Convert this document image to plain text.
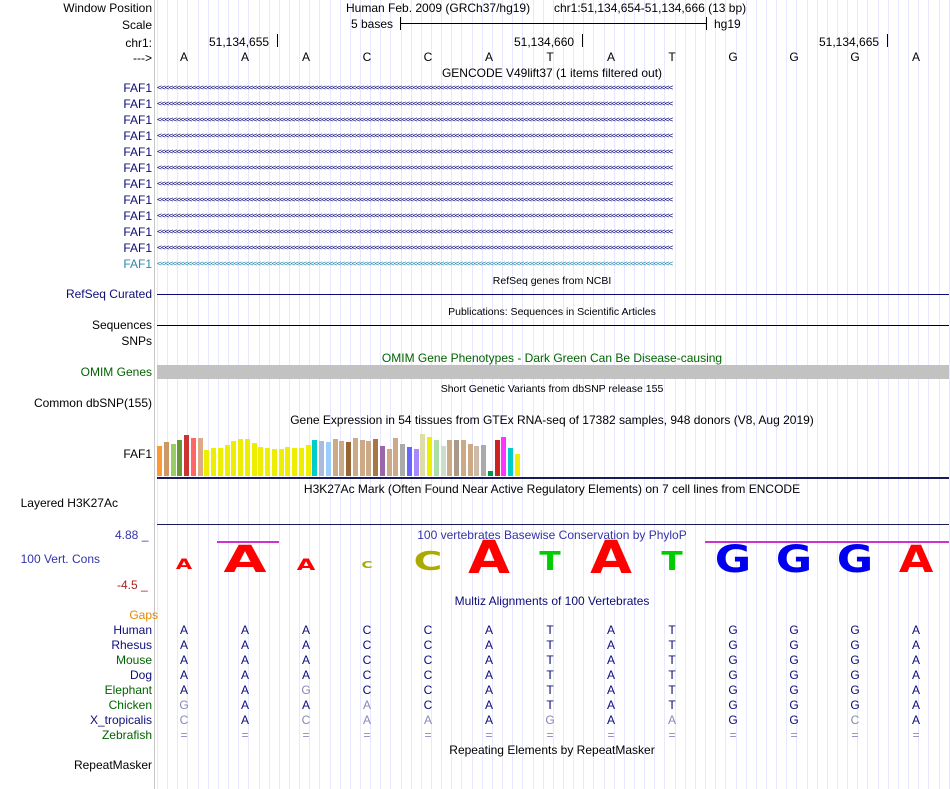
Window Position	Human Feb. 2009 (GRCh37/hg19) chr1:51,134,654-51,134,666 (13 bp)
Scale	5 bases	hg19
chr1:	51,134,655	51,134,660	51,134,665
---> A	A	A	C	C	A	T	A	T	G	G	G	A
GENCODE V49lift37 (1 items filtered out)
FAF1 <<<<<<<<<<<<<<<<<<<<<<<<<<<<<<<<<<<<<<<<<<<<<<<<<<<<<<<<<<<<<<<<<<<<<<<<<<<<<<<<<<<<<<<<<<<<<<<<<<<<<<<<<<<<<<<<<<<<<<<<<<<<<<<<<<<<<<<
FAF1 <<<<<<<<<<<<<<<<<<<<<<<<<<<<<<<<<<<<<<<<<<<<<<<<<<<<<<<<<<<<<<<<<<<<<<<<<<<<<<<<<<<<<<<<<<<<<<<<<<<<<<<<<<<<<<<<<<<<<<<<<<<<<<<<<<<<<<<
FAF1 <<<<<<<<<<<<<<<<<<<<<<<<<<<<<<<<<<<<<<<<<<<<<<<<<<<<<<<<<<<<<<<<<<<<<<<<<<<<<<<<<<<<<<<<<<<<<<<<<<<<<<<<<<<<<<<<<<<<<<<<<<<<<<<<<<<<<<<
FAF1 <<<<<<<<<<<<<<<<<<<<<<<<<<<<<<<<<<<<<<<<<<<<<<<<<<<<<<<<<<<<<<<<<<<<<<<<<<<<<<<<<<<<<<<<<<<<<<<<<<<<<<<<<<<<<<<<<<<<<<<<<<<<<<<<<<<<<<<
FAF1 <<<<<<<<<<<<<<<<<<<<<<<<<<<<<<<<<<<<<<<<<<<<<<<<<<<<<<<<<<<<<<<<<<<<<<<<<<<<<<<<<<<<<<<<<<<<<<<<<<<<<<<<<<<<<<<<<<<<<<<<<<<<<<<<<<<<<<<
FAF1 <<<<<<<<<<<<<<<<<<<<<<<<<<<<<<<<<<<<<<<<<<<<<<<<<<<<<<<<<<<<<<<<<<<<<<<<<<<<<<<<<<<<<<<<<<<<<<<<<<<<<<<<<<<<<<<<<<<<<<<<<<<<<<<<<<<<<<<
FAF1 <<<<<<<<<<<<<<<<<<<<<<<<<<<<<<<<<<<<<<<<<<<<<<<<<<<<<<<<<<<<<<<<<<<<<<<<<<<<<<<<<<<<<<<<<<<<<<<<<<<<<<<<<<<<<<<<<<<<<<<<<<<<<<<<<<<<<<<
FAF1 <<<<<<<<<<<<<<<<<<<<<<<<<<<<<<<<<<<<<<<<<<<<<<<<<<<<<<<<<<<<<<<<<<<<<<<<<<<<<<<<<<<<<<<<<<<<<<<<<<<<<<<<<<<<<<<<<<<<<<<<<<<<<<<<<<<<<<<
FAF1 <<<<<<<<<<<<<<<<<<<<<<<<<<<<<<<<<<<<<<<<<<<<<<<<<<<<<<<<<<<<<<<<<<<<<<<<<<<<<<<<<<<<<<<<<<<<<<<<<<<<<<<<<<<<<<<<<<<<<<<<<<<<<<<<<<<<<<<
FAF1 <<<<<<<<<<<<<<<<<<<<<<<<<<<<<<<<<<<<<<<<<<<<<<<<<<<<<<<<<<<<<<<<<<<<<<<<<<<<<<<<<<<<<<<<<<<<<<<<<<<<<<<<<<<<<<<<<<<<<<<<<<<<<<<<<<<<<<<
FAF1 <<<<<<<<<<<<<<<<<<<<<<<<<<<<<<<<<<<<<<<<<<<<<<<<<<<<<<<<<<<<<<<<<<<<<<<<<<<<<<<<<<<<<<<<<<<<<<<<<<<<<<<<<<<<<<<<<<<<<<<<<<<<<<<<<<<<<<<
FAF1 <<<<<<<<<<<<<<<<<<<<<<<<<<<<<<<<<<<<<<<<<<<<<<<<<<<<<<<<<<<<<<<<<<<<<<<<<<<<<<<<<<<<<<<<<<<<<<<<<<<<<<<<<<<<<<<<<<<<<<<<<<<<<<<<<<<<<<<
RefSeq genes from NCBI
RefSeq Curated
Publications: Sequences in Scientific Articles
Sequences
SNPs
OMIM Gene Phenotypes - Dark Green Can Be Disease-causing
OMIM Genes
Short Genetic Variants from dbSNP release 155
Common dbSNP(155)
Gene Expression in 54 tissues from GTEx RNA-seq of 17382 samples, 948 donors (V8, Aug 2019)
FAF1
H3K27Ac Mark (Often Found Near Active Regulatory Elements) on 7 cell lines from ENCODE
Layered H3K27Ac
100 vertebrates Basewise Conservation by PhyloP
4.88 _
100 Vert. Cons
-4.5 _
A A A	C C A T A T G G G A
Multiz Alignments of 100 Vertebrates
Gaps
Human A	A	A	C	C	A	T	A	T	G	G	G	A
Rhesus A	A	A	C	C	A	T	A	T	G	G	G	A
Mouse A	A	A	C	C	A	T	A	T	G	G	G	A
Dog A	A	A	C	C	A	T	A	T	G	G	G	A
Elephant A	A	G	C	C	A	T	A	T	G	G	G	A
Chicken G	A	A	A	C	A	T	A	T	G	G	G	A
X_tropicalis C	A	C	A	A	A	G	A	A	G	G	C	A
Zebrafish =	=	=	=	=	=	=	=	=	=	=	=	=
Repeating Elements by RepeatMasker
RepeatMasker
